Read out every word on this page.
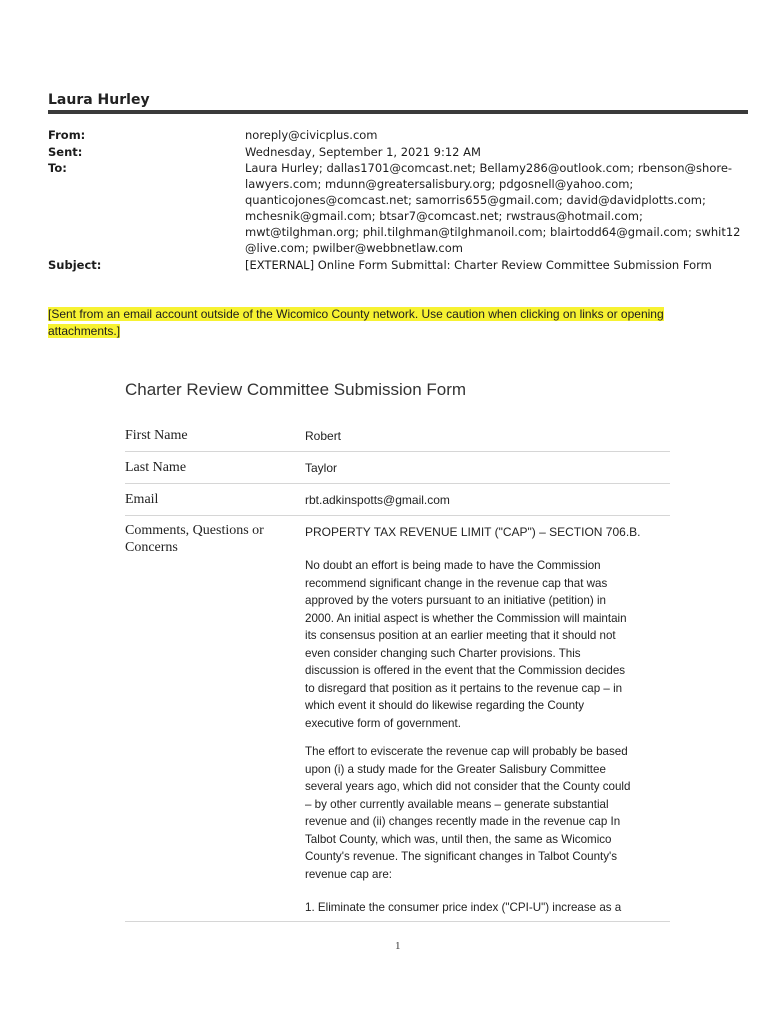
Laura Hurley
From:	noreply@civicplus.com
Sent:	Wednesday, September 1, 2021 9:12 AM
To:	Laura Hurley; dallas1701@comcast.net; Bellamy286@outlook.com; rbenson@shore-
lawyers.com; mdunn@greatersalisbury.org; pdgosnell@yahoo.com;
quanticojones@comcast.net; samorris655@gmail.com; david@davidplotts.com;
mchesnik@gmail.com; btsar7@comcast.net; rwstraus@hotmail.com;
mwt@tilghman.org; phil.tilghman@tilghmanoil.com; blairtodd64@gmail.com; swhit12
@live.com; pwilber@webbnetlaw.com
Subject:	[EXTERNAL] Online Form Submittal: Charter Review Committee Submission Form
[Sent from an email account outside of the Wicomico County network. Use caution when clicking on links or opening
attachments.]
Charter Review Committee Submission Form
First Name	Robert
Last Name	Taylor
Email	rbt.adkinspotts@gmail.com
Comments, Questions or
Concerns
PROPERTY TAX REVENUE LIMIT ("CAP") – SECTION 706.B.
No doubt an effort is being made to have the Commission
recommend significant change in the revenue cap that was
approved by the voters pursuant to an initiative (petition) in
2000. An initial aspect is whether the Commission will maintain
its consensus position at an earlier meeting that it should not
even consider changing such Charter provisions. This
discussion is offered in the event that the Commission decides
to disregard that position as it pertains to the revenue cap – in
which event it should do likewise regarding the County
executive form of government.
The effort to eviscerate the revenue cap will probably be based
upon (i) a study made for the Greater Salisbury Committee
several years ago, which did not consider that the County could
– by other currently available means – generate substantial
revenue and (ii) changes recently made in the revenue cap In
Talbot County, which was, until then, the same as Wicomico
County's revenue. The significant changes in Talbot County's
revenue cap are:
1. Eliminate the consumer price index ("CPI-U") increase as a
1
